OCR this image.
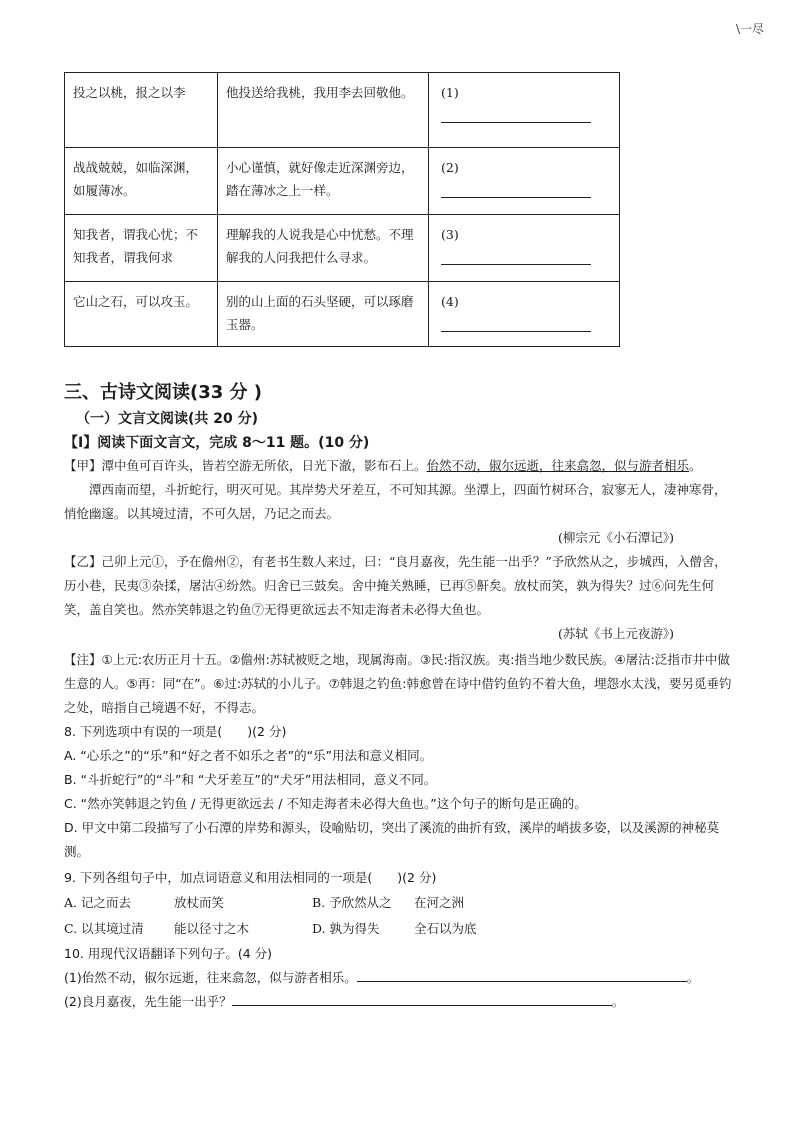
\一尽
投之以桃，报之以李	他投送给我桃，我用李去回敬他。	(1)

战战兢兢，如临深渊，如履薄冰。	小心谨慎，就好像走近深渊旁边，踏在薄冰之上一样。	(2)

知我者，谓我心忧；不知我者，谓我何求	理解我的人说我是心中忧愁。不理解我的人问我把什么寻求。	(3)

它山之石，可以攻玉。	别的山上面的石头坚硬，可以琢磨玉器。	(4)
三、古诗文阅读(33 分 )
（一）文言文阅读(共 20 分)
【I】阅读下面文言文，完成 8～11 题。(10 分)
【甲】潭中鱼可百许头，皆若空游无所依，日光下澈，影布石上。佁然不动，俶尔远逝，往来翕忽，似与游者相乐。
潭西南而望，斗折蛇行，明灭可见。其岸势犬牙差互，不可知其源。坐潭上，四面竹树环合，寂寥无人，凄神寒骨，悄怆幽邃。以其境过清，不可久居，乃记之而去。
(柳宗元《小石潭记》)
【乙】己卯上元①，予在儋州②，有老书生数人来过，曰：“良月嘉夜，先生能一出乎？”予欣然从之，步城西，入僧舍，历小巷，民夷③杂揉，屠沽④纷然。归舍已三鼓矣。舍中掩关熟睡，已再⑤鼾矣。放杖而笑，孰为得失？过⑥问先生何笑，盖自笑也。然亦笑韩退之钓鱼⑦无得更欲远去不知走海者未必得大鱼也。
(苏轼《书上元夜游》)
【注】①上元:农历正月十五。②儋州:苏轼被贬之地，现属海南。③民:指汉族。夷:指当地少数民族。④屠沽:泛指市井中做生意的人。⑤再：同“在”。⑥过:苏轼的小儿子。⑦韩退之钓鱼:韩愈曾在诗中借钓鱼钓不着大鱼，埋怨水太浅，要另觅垂钓之处，暗指自己境遇不好，不得志。
8. 下列选项中有误的一项是(　　)(2 分)
A. “心乐之”的“乐”和“好之者不如乐之者”的“乐”用法和意义相同。
B. “斗折蛇行”的“斗”和 “犬牙差互”的“犬牙”用法相同，意义不同。
C. “然亦笑韩退之钓鱼 / 无得更欲远去 / 不知走海者未必得大鱼也。”这个句子的断句是正确的。
D. 甲文中第二段描写了小石潭的岸势和源头，设喻贴切，突出了溪流的曲折有致，溪岸的峭拔多姿，以及溪源的神秘莫测。
9. 下列各组句子中，加点词语意义和用法相同的一项是(　　)(2 分)
A. 记之而去	放杖而笑	B. 予欣然从之	在河之洲
C. 以其境过清	能以径寸之木	D. 孰为得失	全石以为底
10. 用现代汉语翻译下列句子。(4 分)
(1)佁然不动，俶尔远逝，往来翕忽，似与游者相乐。	。
(2)良月嘉夜，先生能一出乎？	。
